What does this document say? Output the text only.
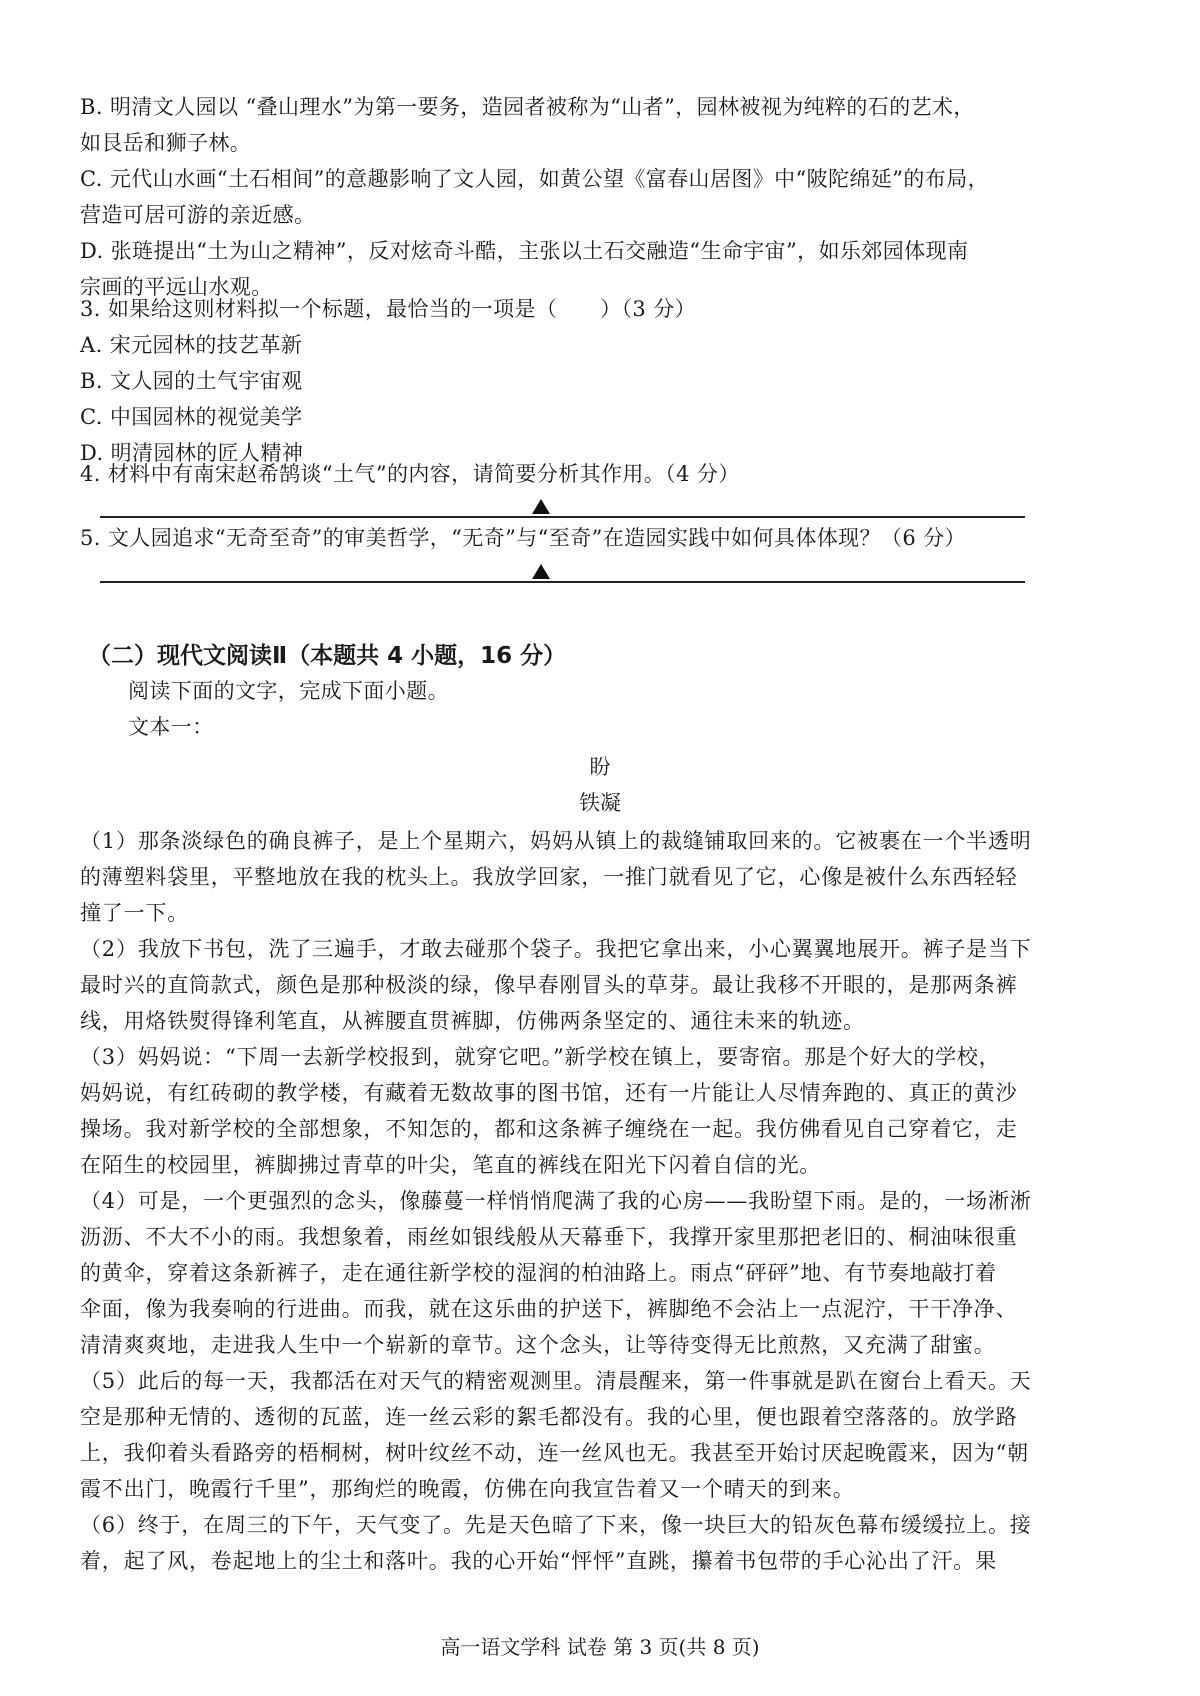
B. 明清文人园以 “叠山理水”为第一要务，造园者被称为“山者”，园林被视为纯粹的石的艺术，
如艮岳和狮子林。
C. 元代山水画“土石相间”的意趣影响了文人园，如黄公望《富春山居图》中“陂陀绵延”的布局，
营造可居可游的亲近感。
D. 张琏提出“土为山之精神”，反对炫奇斗酷，主张以土石交融造“生命宇宙”，如乐郊园体现南
宗画的平远山水观。
3. 如果给这则材料拟一个标题，最恰当的一项是（　　）（3 分）
A. 宋元园林的技艺革新
B. 文人园的土气宇宙观
C. 中国园林的视觉美学
D. 明清园林的匠人精神
4. 材料中有南宋赵希鹄谈“土气”的内容，请简要分析其作用。（4 分）
5. 文人园追求“无奇至奇”的审美哲学，“无奇”与“至奇”在造园实践中如何具体体现？（6 分）
（二）现代文阅读Ⅱ（本题共 4 小题，16 分）
阅读下面的文字，完成下面小题。
文本一：
盼
铁凝
（1）那条淡绿色的确良裤子，是上个星期六，妈妈从镇上的裁缝铺取回来的。它被裹在一个半透明
的薄塑料袋里，平整地放在我的枕头上。我放学回家，一推门就看见了它，心像是被什么东西轻轻
撞了一下。
（2）我放下书包，洗了三遍手，才敢去碰那个袋子。我把它拿出来，小心翼翼地展开。裤子是当下
最时兴的直筒款式，颜色是那种极淡的绿，像早春刚冒头的草芽。最让我移不开眼的，是那两条裤
线，用烙铁熨得锋利笔直，从裤腰直贯裤脚，仿佛两条坚定的、通往未来的轨迹。
（3）妈妈说：“下周一去新学校报到，就穿它吧。”新学校在镇上，要寄宿。那是个好大的学校，
妈妈说，有红砖砌的教学楼，有藏着无数故事的图书馆，还有一片能让人尽情奔跑的、真正的黄沙
操场。我对新学校的全部想象，不知怎的，都和这条裤子缠绕在一起。我仿佛看见自己穿着它，走
在陌生的校园里，裤脚拂过青草的叶尖，笔直的裤线在阳光下闪着自信的光。
（4）可是，一个更强烈的念头，像藤蔓一样悄悄爬满了我的心房——我盼望下雨。是的，一场淅淅
沥沥、不大不小的雨。我想象着，雨丝如银线般从天幕垂下，我撑开家里那把老旧的、桐油味很重
的黄伞，穿着这条新裤子，走在通往新学校的湿润的柏油路上。雨点“砰砰”地、有节奏地敲打着
伞面，像为我奏响的行进曲。而我，就在这乐曲的护送下，裤脚绝不会沾上一点泥泞，干干净净、
清清爽爽地，走进我人生中一个崭新的章节。这个念头，让等待变得无比煎熬，又充满了甜蜜。
（5）此后的每一天，我都活在对天气的精密观测里。清晨醒来，第一件事就是趴在窗台上看天。天
空是那种无情的、透彻的瓦蓝，连一丝云彩的絮毛都没有。我的心里，便也跟着空落落的。放学路
上，我仰着头看路旁的梧桐树，树叶纹丝不动，连一丝风也无。我甚至开始讨厌起晚霞来，因为“朝
霞不出门，晚霞行千里”，那绚烂的晚霞，仿佛在向我宣告着又一个晴天的到来。
（6）终于，在周三的下午，天气变了。先是天色暗了下来，像一块巨大的铅灰色幕布缓缓拉上。接
着，起了风，卷起地上的尘土和落叶。我的心开始“怦怦”直跳，攥着书包带的手心沁出了汗。果
高一语文学科 试卷 第 3 页(共 8 页)
